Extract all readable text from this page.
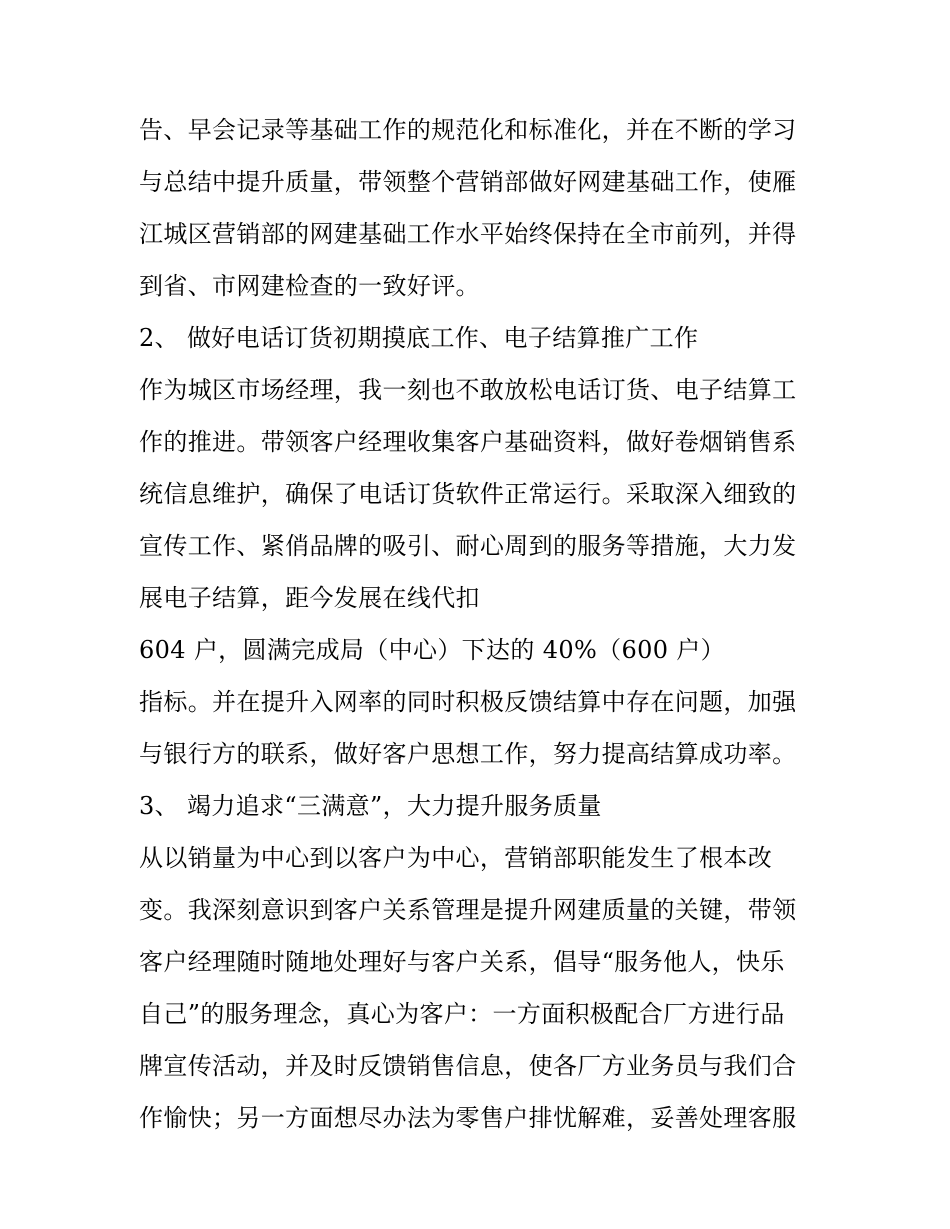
告、早会记录等基础工作的规范化和标准化，并在不断的学习
与总结中提升质量，带领整个营销部做好网建基础工作，使雁
江城区营销部的网建基础工作水平始终保持在全市前列，并得
到省、市网建检查的一致好评。
2、 做好电话订货初期摸底工作、电子结算推广工作
作为城区市场经理，我一刻也不敢放松电话订货、电子结算工
作的推进。带领客户经理收集客户基础资料，做好卷烟销售系
统信息维护，确保了电话订货软件正常运行。采取深入细致的
宣传工作、紧俏品牌的吸引、耐心周到的服务等措施，大力发
展电子结算，距今发展在线代扣
604 户，圆满完成局（中心）下达的 40%（600 户）
指标。并在提升入网率的同时积极反馈结算中存在问题，加强
与银行方的联系，做好客户思想工作，努力提高结算成功率。
3、 竭力追求“三满意”，大力提升服务质量
从以销量为中心到以客户为中心，营销部职能发生了根本改
变。我深刻意识到客户关系管理是提升网建质量的关键，带领
客户经理随时随地处理好与客户关系，倡导“服务他人，快乐
自己”的服务理念，真心为客户：一方面积极配合厂方进行品
牌宣传活动，并及时反馈销售信息，使各厂方业务员与我们合
作愉快；另一方面想尽办法为零售户排忧解难，妥善处理客服
